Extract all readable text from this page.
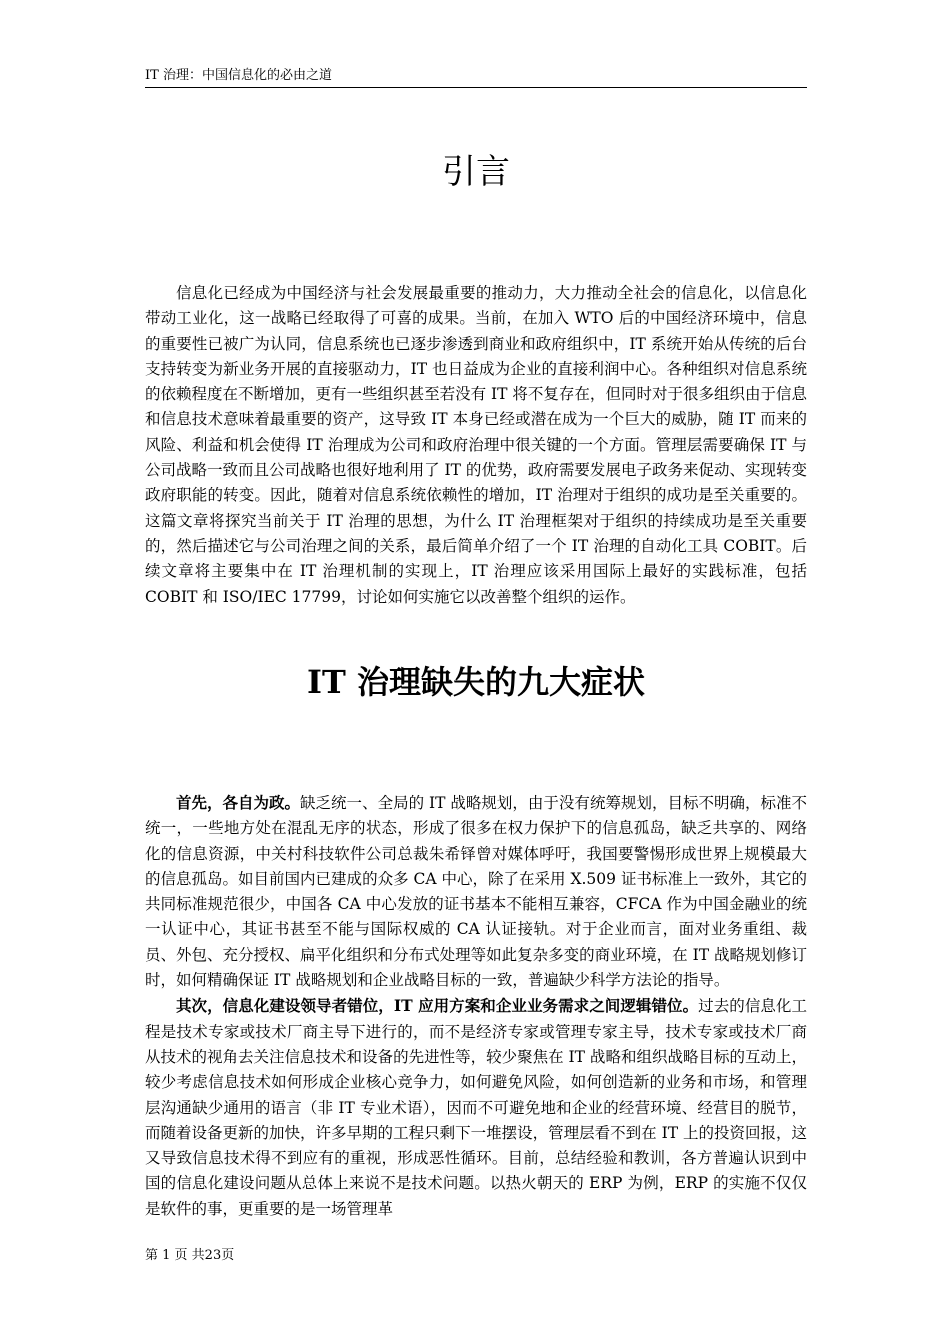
IT 治理：中国信息化的必由之道
引言

信息化已经成为中国经济与社会发展最重要的推动力，大力推动全社会的信息化，以信息化带动工业化，这一战略已经取得了可喜的成果。当前，在加入 WTO 后的中国经济环境中，信息的重要性已被广为认同，信息系统也已逐步渗透到商业和政府组织中，IT 系统开始从传统的后台支持转变为新业务开展的直接驱动力，IT 也日益成为企业的直接利润中心。各种组织对信息系统的依赖程度在不断增加，更有一些组织甚至若没有 IT 将不复存在，但同时对于很多组织由于信息和信息技术意味着最重要的资产，这导致 IT 本身已经或潜在成为一个巨大的威胁，随 IT 而来的风险、利益和机会使得 IT 治理成为公司和政府治理中很关键的一个方面。管理层需要确保 IT 与公司战略一致而且公司战略也很好地利用了 IT 的优势，政府需要发展电子政务来促动、实现转变政府职能的转变。因此，随着对信息系统依赖性的增加，IT 治理对于组织的成功是至关重要的。这篇文章将探究当前关于 IT 治理的思想，为什么 IT 治理框架对于组织的持续成功是至关重要的，然后描述它与公司治理之间的关系，最后简单介绍了一个 IT 治理的自动化工具 COBIT。后续文章将主要集中在 IT 治理机制的实现上，IT 治理应该采用国际上最好的实践标准，包括 COBIT 和 ISO/IEC 17799，讨论如何实施它以改善整个组织的运作。

IT 治理缺失的九大症状

首先，各自为政。缺乏统一、全局的 IT 战略规划，由于没有统筹规划，目标不明确，标准不统一，一些地方处在混乱无序的状态，形成了很多在权力保护下的信息孤岛，缺乏共享的、网络化的信息资源，中关村科技软件公司总裁朱希铎曾对媒体呼吁，我国要警惕形成世界上规模最大的信息孤岛。如目前国内已建成的众多 CA 中心，除了在采用 X.509 证书标准上一致外，其它的共同标准规范很少，中国各 CA 中心发放的证书基本不能相互兼容，CFCA 作为中国金融业的统一认证中心，其证书甚至不能与国际权威的 CA 认证接轨。对于企业而言，面对业务重组、裁员、外包、充分授权、扁平化组织和分布式处理等如此复杂多变的商业环境，在 IT 战略规划修订时，如何精确保证 IT 战略规划和企业战略目标的一致，普遍缺少科学方法论的指导。

其次，信息化建设领导者错位，IT 应用方案和企业业务需求之间逻辑错位。过去的信息化工程是技术专家或技术厂商主导下进行的，而不是经济专家或管理专家主导，技术专家或技术厂商从技术的视角去关注信息技术和设备的先进性等，较少聚焦在 IT 战略和组织战略目标的互动上，较少考虑信息技术如何形成企业核心竞争力，如何避免风险，如何创造新的业务和市场，和管理层沟通缺少通用的语言（非 IT 专业术语），因而不可避免地和企业的经营环境、经营目的脱节，而随着设备更新的加快，许多早期的工程只剩下一堆摆设，管理层看不到在 IT 上的投资回报，这又导致信息技术得不到应有的重视，形成恶性循环。目前，总结经验和教训，各方普遍认识到中国的信息化建设问题从总体上来说不是技术问题。以热火朝天的 ERP 为例，ERP 的实施不仅仅是软件的事，更重要的是一场管理革

第 1 页 共23页
